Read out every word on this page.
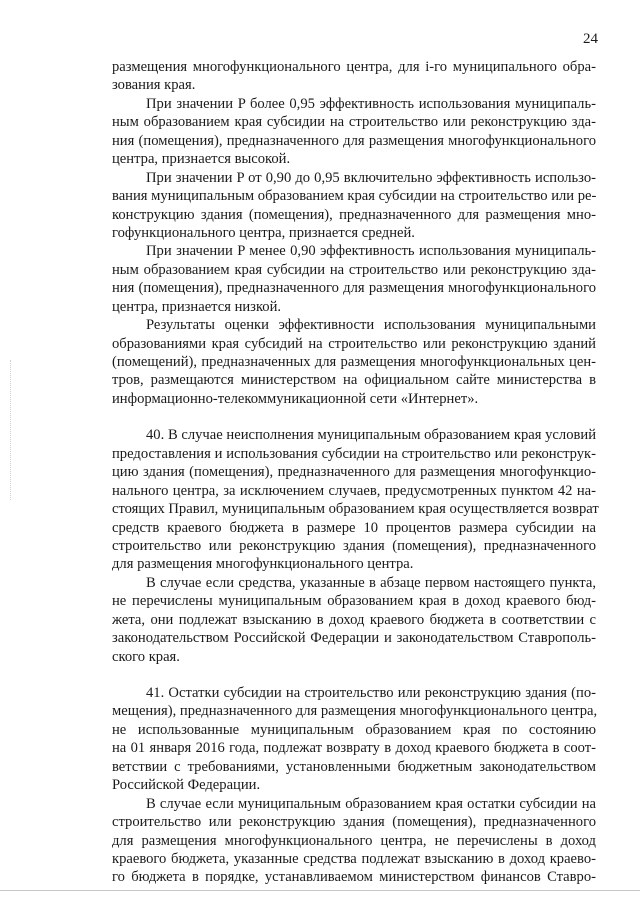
24
размещения многофункционального центра, для i-го муниципального обра-
зования края.
При значении P более 0,95 эффективность использования муниципаль-
ным образованием края субсидии на строительство или реконструкцию зда-
ния (помещения), предназначенного для размещения многофункционального
центра, признается высокой.
При значении P от 0,90 до 0,95 включительно эффективность использо-
вания муниципальным образованием края субсидии на строительство или ре-
конструкцию здания (помещения), предназначенного для размещения мно-
гофункционального центра, признается средней.
При значении P менее 0,90 эффективность использования муниципаль-
ным образованием края субсидии на строительство или реконструкцию зда-
ния (помещения), предназначенного для размещения многофункционального
центра, признается низкой.
Результаты оценки эффективности использования муниципальными
образованиями края субсидий на строительство или реконструкцию зданий
(помещений), предназначенных для размещения многофункциональных цен-
тров, размещаются министерством на официальном сайте министерства в
информационно-телекоммуникационной сети «Интернет».
40. В случае неисполнения муниципальным образованием края условий
предоставления и использования субсидии на строительство или реконструк-
цию здания (помещения), предназначенного для размещения многофункцио-
нального центра, за исключением случаев, предусмотренных пунктом 42 на-
стоящих Правил, муниципальным образованием края осуществляется возврат
средств краевого бюджета в размере 10 процентов размера субсидии на
строительство или реконструкцию здания (помещения), предназначенного
для размещения многофункционального центра.
В случае если средства, указанные в абзаце первом настоящего пункта,
не перечислены муниципальным образованием края в доход краевого бюд-
жета, они подлежат взысканию в доход краевого бюджета в соответствии с
законодательством Российской Федерации и законодательством Ставрополь-
ского края.
41. Остатки субсидии на строительство или реконструкцию здания (по-
мещения), предназначенного для размещения многофункционального центра,
не использованные муниципальным образованием края по состоянию
на 01 января 2016 года, подлежат возврату в доход краевого бюджета в соот-
ветствии с требованиями, установленными бюджетным законодательством
Российской Федерации.
В случае если муниципальным образованием края остатки субсидии на
строительство или реконструкцию здания (помещения), предназначенного
для размещения многофункционального центра, не перечислены в доход
краевого бюджета, указанные средства подлежат взысканию в доход краево-
го бюджета в порядке, устанавливаемом министерством финансов Ставро-
